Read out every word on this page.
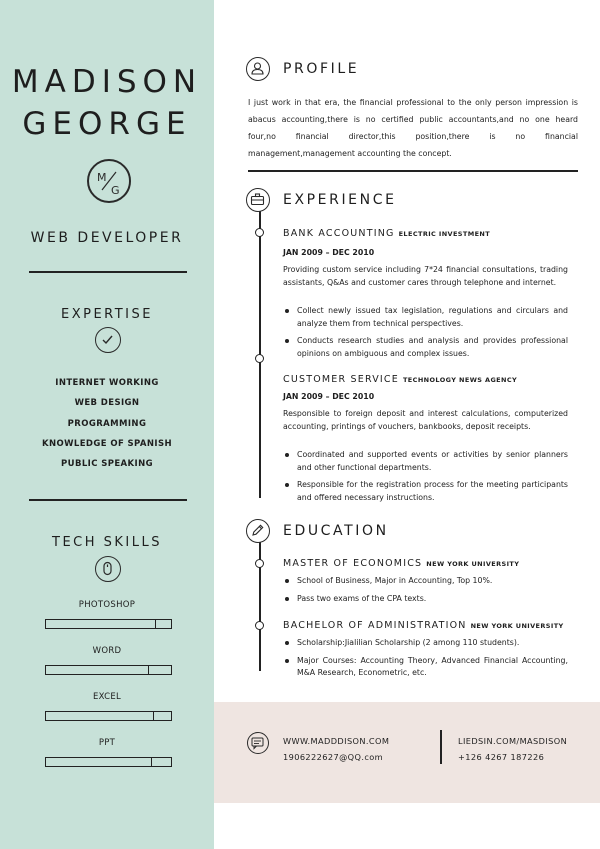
MADISON
GEORGE
M
G
WEB DEVELOPER
EXPERTISE
INTERNET WORKING
WEB DESIGN
PROGRAMMING
KNOWLEDGE OF SPANISH
PUBLIC SPEAKING
TECH SKILLS
PHOTOSHOP
WORD
EXCEL
PPT
PROFILE
I just work in that era, the financial professional to the only person impression is abacus accounting,there is no certified public accountants,and no one heard four,no financial director,this position,there is no financial management,management accounting the concept.
EXPERIENCE
BANK ACCOUNTING ELECTRIC INVESTMENT
JAN 2009 – DEC 2010
Providing custom service including 7*24 financial consultations, trading assistants, Q&As and customer cares through telephone and internet.
Collect newly issued tax legislation, regulations and circulars and analyze them from technical perspectives.
Conducts research studies and analysis and provides professional opinions on ambiguous and complex issues.
CUSTOMER SERVICE TECHNOLOGY NEWS AGENCY
JAN 2009 – DEC 2010
Responsible to foreign deposit and interest calculations, computerized accounting, printings of vouchers, bankbooks, deposit receipts.
Coordinated and supported events or activities by senior planners and other functional departments.
Responsible for the registration process for the meeting participants and offered necessary instructions.
EDUCATION
MASTER OF ECONOMICS NEW YORK UNIVERSITY
School of Business, Major in Accounting, Top 10%.
Pass two exams of the CPA texts.
BACHELOR OF ADMINISTRATION NEW YORK UNIVERSITY
Scholarship:Jialilian Scholarship (2 among 110 students).
Major Courses: Accounting Theory, Advanced Financial Accounting, M&A Research, Econometric, etc.
WWW.MADDDISON.COM
1906222627@QQ.com
LIEDSIN.COM/MASDISON
+126 4267 187226
